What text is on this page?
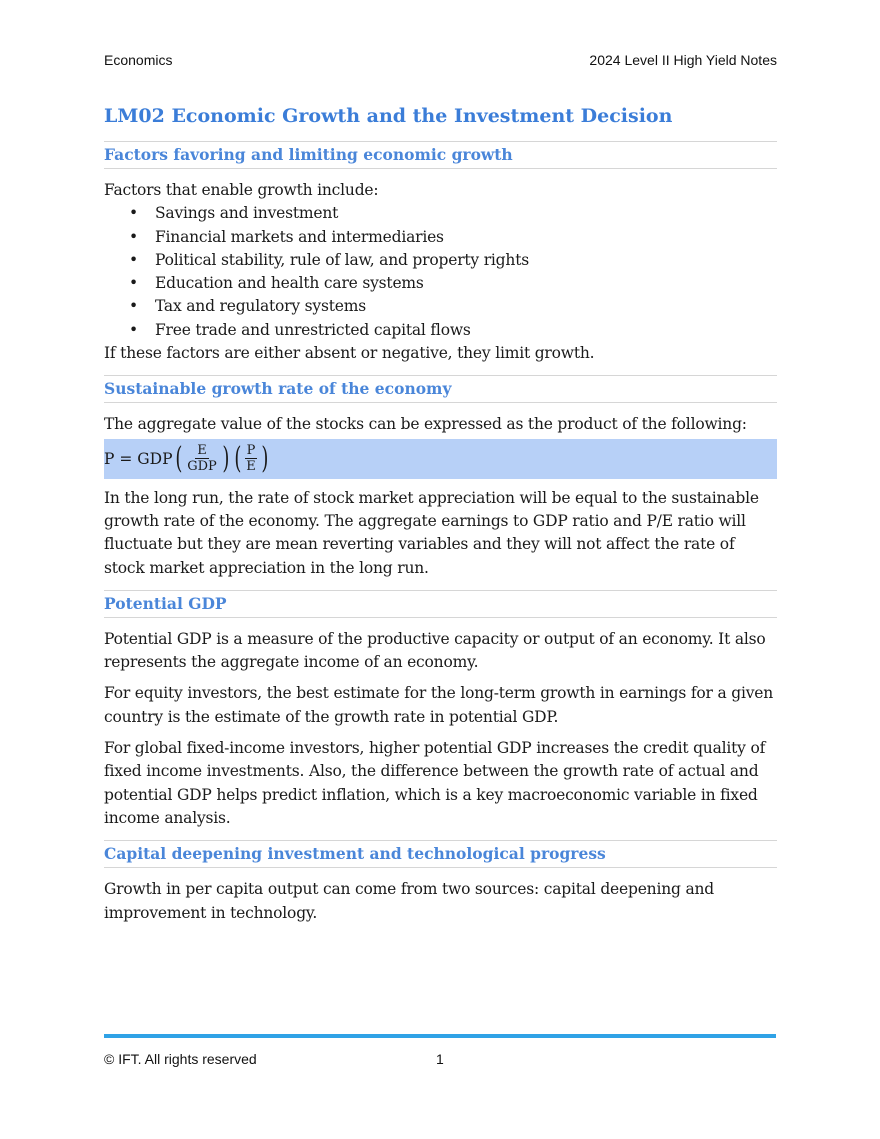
Economics	2024 Level II High Yield Notes
LM02 Economic Growth and the Investment Decision
Factors favoring and limiting economic growth

Factors that enable growth include:

• Savings and investment
• Financial markets and intermediaries
• Political stability, rule of law, and property rights
• Education and health care systems
• Tax and regulatory systems
• Free trade and unrestricted capital flows

If these factors are either absent or negative, they limit growth.

Sustainable growth rate of the economy

The aggregate value of the stocks can be expressed as the product of the following:

P = GDP ( $\frac{E}{\text{GDP}}$ ) ( $\frac{P}{E}$ )

In the long run, the rate of stock market appreciation will be equal to the sustainable growth rate of the economy. The aggregate earnings to GDP ratio and P/E ratio will fluctuate but they are mean reverting variables and they will not affect the rate of stock market appreciation in the long run.

Potential GDP

Potential GDP is a measure of the productive capacity or output of an economy. It also represents the aggregate income of an economy.

For equity investors, the best estimate for the long-term growth in earnings for a given country is the estimate of the growth rate in potential GDP.

For global fixed-income investors, higher potential GDP increases the credit quality of fixed income investments. Also, the difference between the growth rate of actual and potential GDP helps predict inflation, which is a key macroeconomic variable in fixed income analysis.

Capital deepening investment and technological progress

Growth in per capita output can come from two sources: capital deepening and improvement in technology.

© IFT. All rights reserved	1
